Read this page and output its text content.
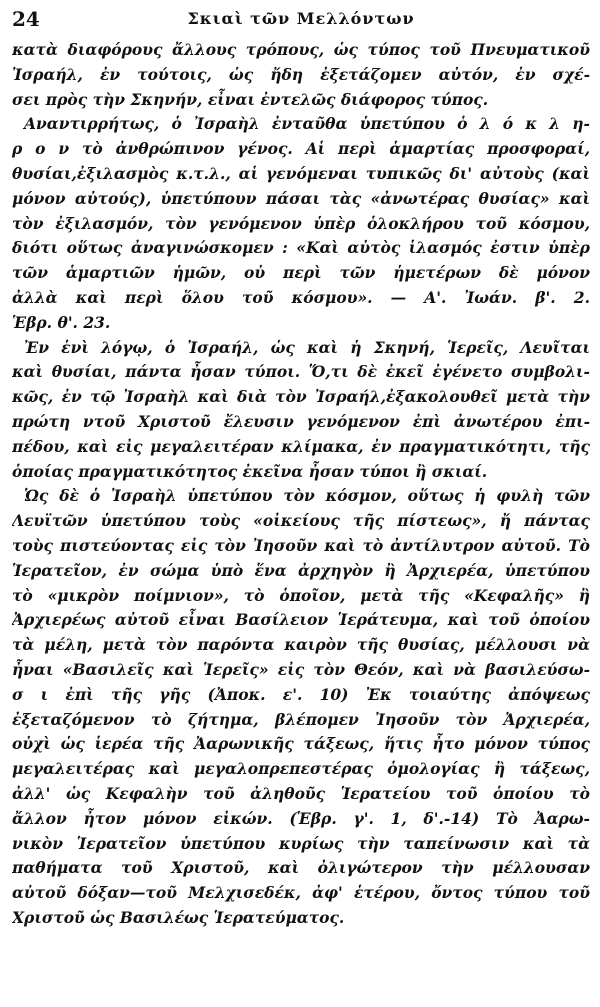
24	Σκιαὶ τῶν Μελλόντων
κατὰ διαφόρους ἄλλους τρόπους, ὡς τύπος τοῦ Πνευματικοῦ
Ἰσραήλ, ἐν τούτοις, ὡς ἤδη ἐξετάζομεν αὐτόν, ἐν σχέ-
σει πρὸς τὴν Σκηνήν, εἶναι ἐντελῶς διάφορος τύπος.
Αναντιρρήτως, ὁ Ἰσραὴλ ἐνταῦθα ὑπετύπου ὁ λ ό κ λ η-
ρ ο ν τὸ ἀνθρώπινον γένος. Αἱ περὶ ἁμαρτίας προσφοραί,
θυσίαι,ἐξιλασμὸς κ.τ.λ., αἱ γενόμεναι τυπικῶς δι' αὐτοὺς (καὶ
μόνον αὐτούς), ὑπετύπουν πάσαι τὰς «ἀνωτέρας θυσίας» καὶ
τὸν ἐξιλασμόν, τὸν γενόμενον ὑπὲρ ὁλοκλήρου τοῦ κόσμου,
διότι οὕτως ἀναγινώσκομεν : «Καὶ αὐτὸς ἱλασμός ἐστιν ὑπὲρ
τῶν ἁμαρτιῶν ἡμῶν, οὐ περὶ τῶν ἡμετέρων δὲ μόνον
ἀλλὰ καὶ περὶ ὅλου τοῦ κόσμου». — Α'. Ἰωάν. β'. 2.
Ἑβρ. θ'. 23.
Ἐν ἑνὶ λόγῳ, ὁ Ἰσραήλ, ὡς καὶ ἡ Σκηνή, Ἱερεῖς, Λευῖται
καὶ θυσίαι, πάντα ἦσαν τύποι. Ὅ,τι δὲ ἐκεῖ ἐγένετο συμβολι-
κῶς, ἐν τῷ Ἰσραὴλ καὶ διὰ τὸν Ἰσραήλ,ἐξακολουθεῖ μετὰ τὴν
πρώτη ντοῦ Χριστοῦ ἔλευσιν γενόμενον ἐπὶ ἀνωτέρου ἐπι-
πέδου, καὶ εἰς μεγαλειτέραν κλίμακα, ἐν πραγματικότητι, τῆς
ὁποίας πραγματικότητος ἐκεῖνα ἦσαν τύποι ἢ σκιαί.
Ὡς δὲ ὁ Ἰσραὴλ ὑπετύπου τὸν κόσμον, οὕτως ἡ φυλὴ τῶν
Λευϊτῶν ὑπετύπου τοὺς «οἰκείους τῆς πίστεως», ἤ πάντας
τοὺς πιστεύοντας εἰς τὸν Ἰησοῦν καὶ τὸ ἀντίλυτρον αὐτοῦ. Τὸ
Ἱερατεῖον, ἐν σώμα ὑπὸ ἕνα ἀρχηγὸν ἢ Ἀρχιερέα, ὑπετύπου
τὸ «μικρὸν ποίμνιον», τὸ ὁποῖον, μετὰ τῆς «Κεφαλῆς» ἢ
Ἀρχιερέως αὐτοῦ εἶναι Βασίλειον Ἱεράτευμα, καὶ τοῦ ὁποίου
τὰ μέλη, μετὰ τὸν παρόντα καιρὸν τῆς θυσίας, μέλλουσι νὰ
ἦναι «Βασιλεῖς καὶ Ἱερεῖς» εἰς τὸν Θεόν, καὶ νὰ βασιλεύσω-
σ ι ἐπὶ τῆς γῆς (Ἀποκ. ε'. 10) Ἐκ τοιαύτης ἀπόψεως
ἐξεταζόμενον τὸ ζήτημα, βλέπομεν Ἰησοῦν τὸν Ἀρχιερέα,
οὐχὶ ὡς ἱερέα τῆς Ἀαρωνικῆς τάξεως, ἥτις ἦτο μόνον τύπος
μεγαλειτέρας καὶ μεγαλοπρεπεστέρας ὁμολογίας ἢ τάξεως,
ἀλλ' ὡς Κεφαλὴν τοῦ ἀληθοῦς Ἱερατείου τοῦ ὁποίου τὸ
ἄλλον ἦτον μόνον εἰκών. (Ἑβρ. γ'. 1, δ'.-14) Τὸ Ἀαρω-
νικὸν Ἱερατεῖον ὑπετύπου κυρίως τὴν ταπείνωσιν καὶ τὰ
παθήματα τοῦ Χριστοῦ, καὶ ὀλιγώτερον τὴν μέλλουσαν
αὐτοῦ δόξαν—τοῦ Μελχισεδέκ, ἀφ' ἑτέρου, ὄντος τύπου τοῦ
Χριστοῦ ὡς Βασιλέως Ἱερατεύματος.
